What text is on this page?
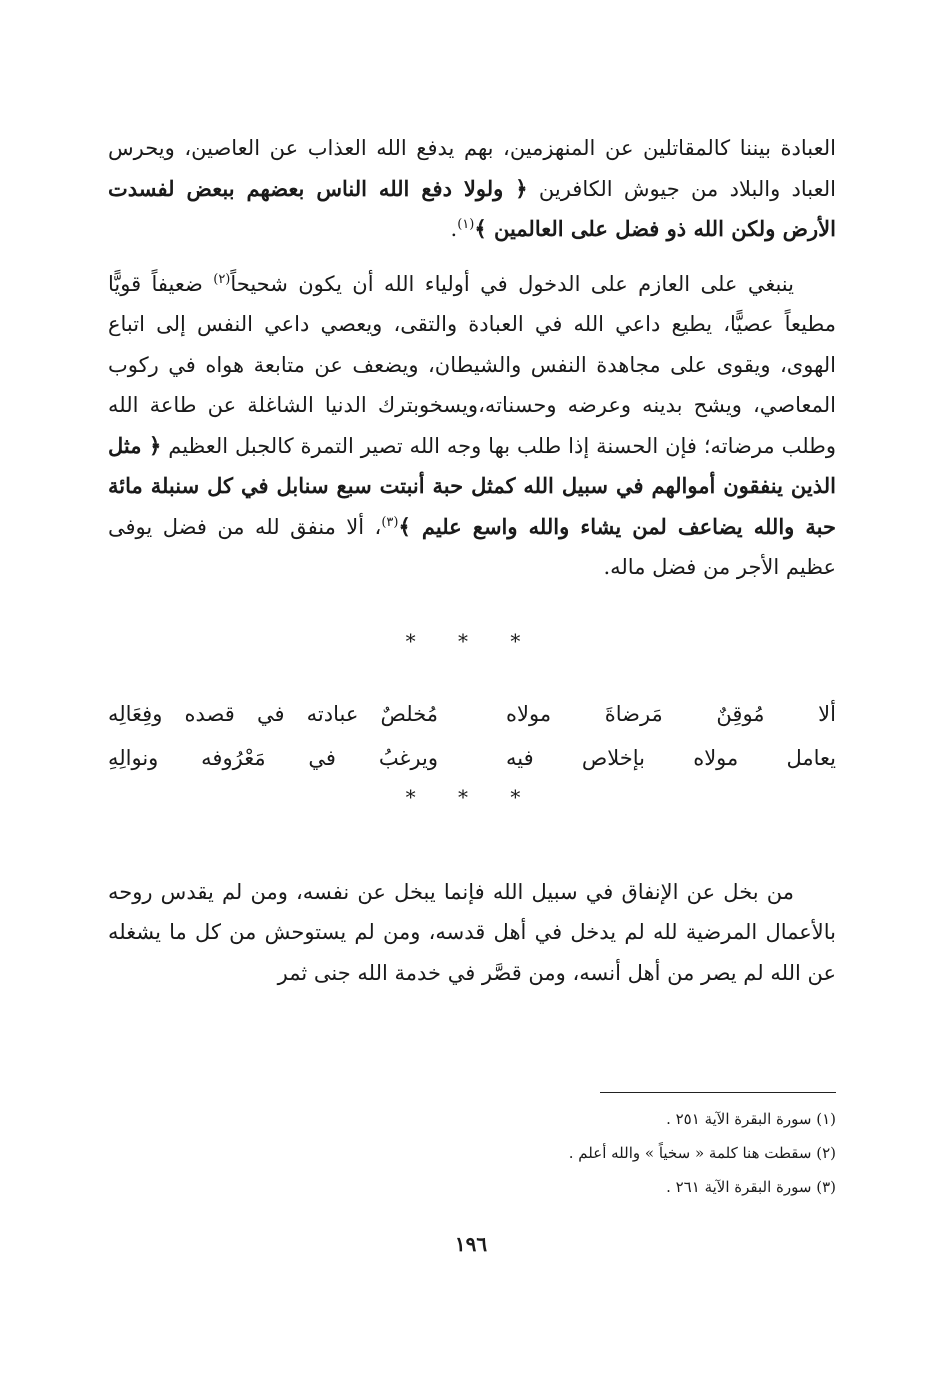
العبادة بيننا كالمقاتلين عن المنهزمين، بهم يدفع الله العذاب عن العاصين، ويحرس العباد والبلاد من جيوش الكافرين ﴿ ولولا دفع الله الناس بعضهم ببعض لفسدت الأرض ولكن الله ذو فضل على العالمين ﴾$^{(١)}$.

ينبغي على العازم على الدخول في أولياء الله أن يكون شحيحاً$^{(٢)}$ ضعيفاً قويًّا مطيعاً عصيًّا، يطيع داعي الله في العبادة والتقى، ويعصي داعي النفس إلى اتباع الهوى، ويقوى على مجاهدة النفس والشيطان، ويضعف عن متابعة هواه في ركوب المعاصي، ويشح بدينه وعرضه وحسناته،ويسخوبترك الدنيا الشاغلة عن طاعة الله وطلب مرضاته؛ فإن الحسنة إذا طلب بها وجه الله تصير التمرة كالجبل العظيم ﴿ مثل الذين ينفقون أموالهم في سبيل الله كمثل حبة أنبتت سبع سنابل في كل سنبلة مائة حبة والله يضاعف لمن يشاء والله واسع عليم ﴾$^{(٣)}$، ألا منفق لله من فضل يوفى عظيم الأجر من فضل ماله.

* * *
ألا مُوقِنٌ مَرضاةَ مولاه
مُخلصٌ عبادته في قصده وفِعَالِه
يعامل مولاه بإخلاص فيه
ويرغبُ في مَعْرُوفه ونوالِهِ
* * *

من بخل عن الإنفاق في سبيل الله فإنما يبخل عن نفسه، ومن لم يقدس روحه بالأعمال المرضية لله لم يدخل في أهل قدسه، ومن لم يستوحش من كل ما يشغله عن الله لم يصر من أهل أنسه، ومن قصَّر في خدمة الله جنى ثمر

(١) سورة البقرة الآية ٢٥١ .

(٢) سقطت هنا كلمة « سخياً » والله أعلم .

(٣) سورة البقرة الآية ٢٦١ .

١٩٦
